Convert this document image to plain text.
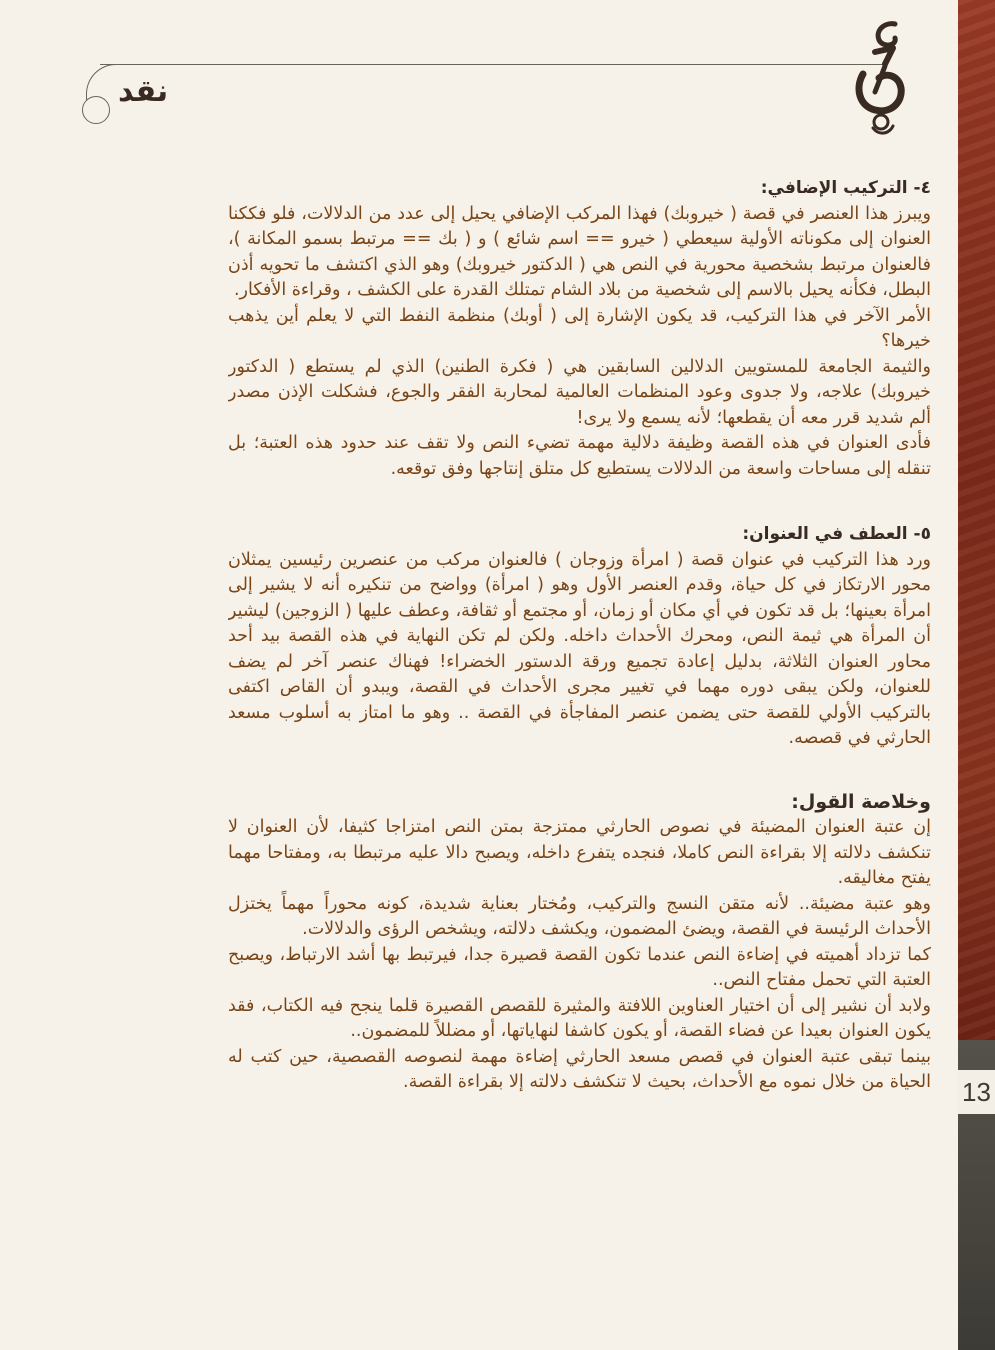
13
نقد

٤- التركيب الإضافي:

ويبرز هذا العنصر في قصة ( خيروبك) فهذا المركب الإضافي يحيل إلى عدد من الدلالات، فلو فككنا العنوان إلى مكوناته الأولية سيعطي ( خيرو == اسم شائع ) و ( بك == مرتبط بسمو المكانة )، فالعنوان مرتبط بشخصية محورية في النص هي ( الدكتور خيروبك) وهو الذي اكتشف ما تحويه أذن البطل، فكأنه يحيل بالاسم إلى شخصية من بلاد الشام تمتلك القدرة على الكشف ، وقراءة الأفكار.

الأمر الآخر في هذا التركيب، قد يكون الإشارة إلى ( أوبك) منظمة النفط التي لا يعلم أين يذهب خيرها؟

والثيمة الجامعة للمستويين الدلالين السابقين هي ( فكرة الطنين) الذي لم يستطع ( الدكتور خيروبك) علاجه، ولا جدوى وعود المنظمات العالمية لمحاربة الفقر والجوع، فشكلت الإذن مصدر ألم شديد قرر معه أن يقطعها؛ لأنه يسمع ولا يرى!

فأدى العنوان في هذه القصة وظيفة دلالية مهمة تضيء النص ولا تقف عند حدود هذه العتبة؛ بل تنقله إلى مساحات واسعة من الدلالات يستطيع كل متلق إنتاجها وفق توقعه.

٥- العطف في العنوان:

ورد هذا التركيب في عنوان قصة ( امرأة وزوجان ) فالعنوان مركب من عنصرين رئيسين يمثلان محور الارتكاز في كل حياة، وقدم العنصر الأول وهو ( امرأة) وواضح من تنكيره أنه لا يشير إلى امرأة بعينها؛ بل قد تكون في أي مكان أو زمان، أو مجتمع أو ثقافة، وعطف عليها ( الزوجين) ليشير أن المرأة هي ثيمة النص، ومحرك الأحداث داخله. ولكن لم تكن النهاية في هذه القصة بيد أحد محاور العنوان الثلاثة، بدليل إعادة تجميع ورقة الدستور الخضراء! فهناك عنصر آخر لم يضف للعنوان، ولكن يبقى دوره مهما في تغيير مجرى الأحداث في القصة، ويبدو أن القاص اكتفى بالتركيب الأولي للقصة حتى يضمن عنصر المفاجأة في القصة .. وهو ما امتاز به أسلوب مسعد الحارثي في قصصه.

وخلاصة القول:

إن عتبة العنوان المضيئة في نصوص الحارثي ممتزجة بمتن النص امتزاجا كثيفا، لأن العنوان لا تنكشف دلالته إلا بقراءة النص كاملا، فنجده يتفرع داخله، ويصبح دالا عليه مرتبطا به، ومفتاحا مهما يفتح مغاليقه.

وهو عتبة مضيئة.. لأنه متقن النسج والتركيب، ومُختار بعناية شديدة، كونه محوراً مهماً يختزل الأحداث الرئيسة في القصة، ويضئ المضمون، ويكشف دلالته، ويشخص الرؤى والدلالات.

كما تزداد أهميته في إضاءة النص عندما تكون القصة قصيرة جدا، فيرتبط بها أشد الارتباط، ويصبح العتبة التي تحمل مفتاح النص..

ولابد أن نشير إلى أن اختيار العناوين اللافتة والمثيرة للقصص القصيرة قلما ينجح فيه الكتاب، فقد يكون العنوان بعيدا عن فضاء القصة، أو يكون كاشفا لنهاياتها، أو مضللاً للمضمون..

بينما تبقى عتبة العنوان في قصص مسعد الحارثي إضاءة مهمة لنصوصه القصصية، حين كتب له الحياة من خلال نموه مع الأحداث، بحيث لا تنكشف دلالته إلا بقراءة القصة.
